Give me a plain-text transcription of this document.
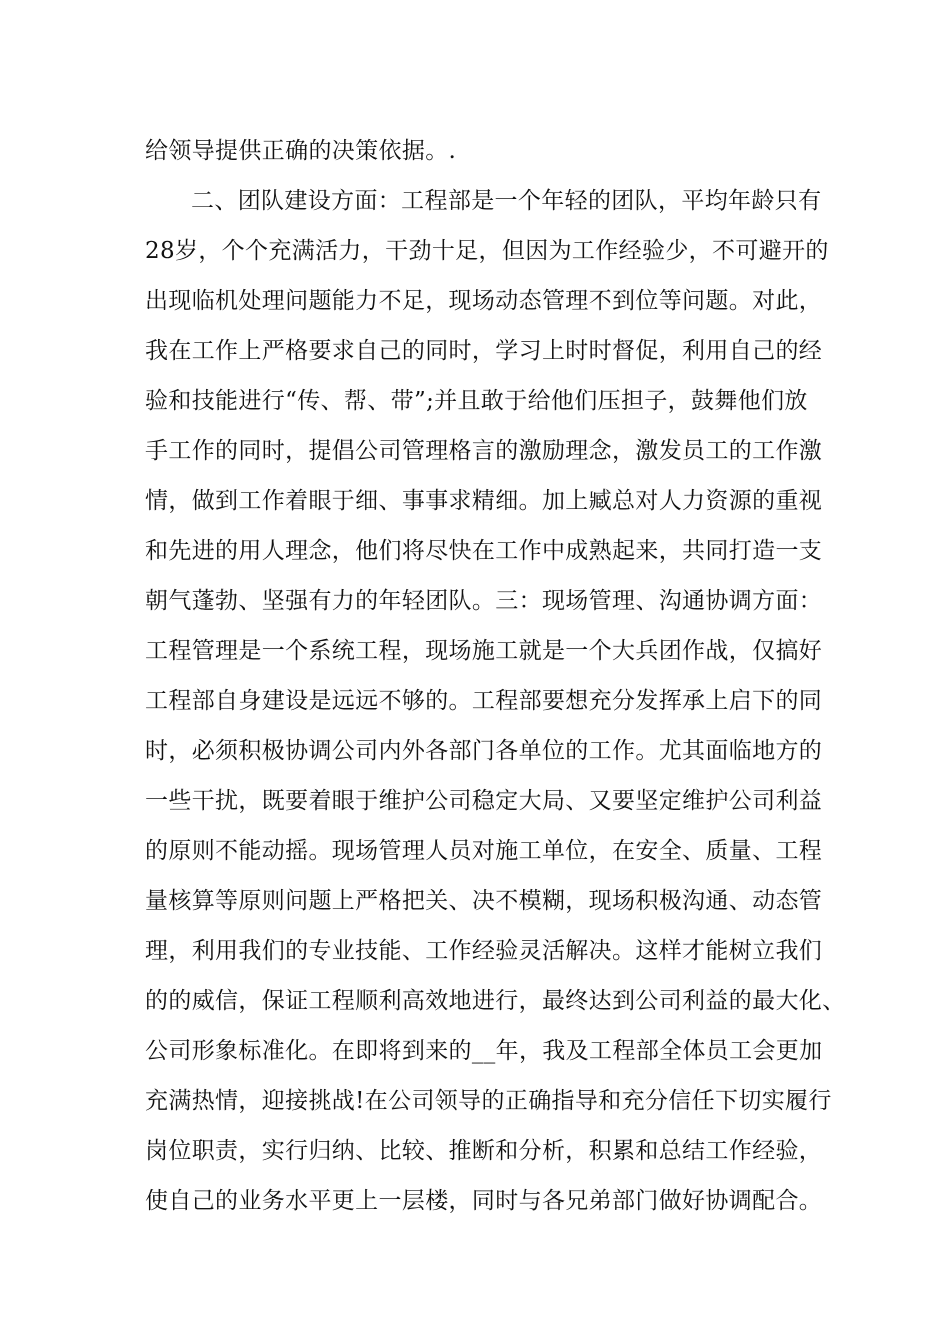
给领导提供正确的决策依据。.
二、团队建设方面：工程部是一个年轻的团队，平均年龄只有
28岁，个个充满活力，干劲十足，但因为工作经验少，不可避开的
出现临机处理问题能力不足，现场动态管理不到位等问题。对此，
我在工作上严格要求自己的同时，学习上时时督促，利用自己的经
验和技能进行“传、帮、带”;并且敢于给他们压担子，鼓舞他们放
手工作的同时，提倡公司管理格言的激励理念，激发员工的工作激
情，做到工作着眼于细、事事求精细。加上臧总对人力资源的重视
和先进的用人理念，他们将尽快在工作中成熟起来，共同打造一支
朝气蓬勃、坚强有力的年轻团队。三：现场管理、沟通协调方面：
工程管理是一个系统工程，现场施工就是一个大兵团作战，仅搞好
工程部自身建设是远远不够的。工程部要想充分发挥承上启下的同
时，必须积极协调公司内外各部门各单位的工作。尤其面临地方的
一些干扰，既要着眼于维护公司稳定大局、又要坚定维护公司利益
的原则不能动摇。现场管理人员对施工单位，在安全、质量、工程
量核算等原则问题上严格把关、决不模糊，现场积极沟通、动态管
理，利用我们的专业技能、工作经验灵活解决。这样才能树立我们
的的威信，保证工程顺利高效地进行，最终达到公司利益的最大化、
公司形象标准化。在即将到来的__年，我及工程部全体员工会更加
充满热情，迎接挑战!在公司领导的正确指导和充分信任下切实履行
岗位职责，实行归纳、比较、推断和分析，积累和总结工作经验，
使自己的业务水平更上一层楼，同时与各兄弟部门做好协调配合。
